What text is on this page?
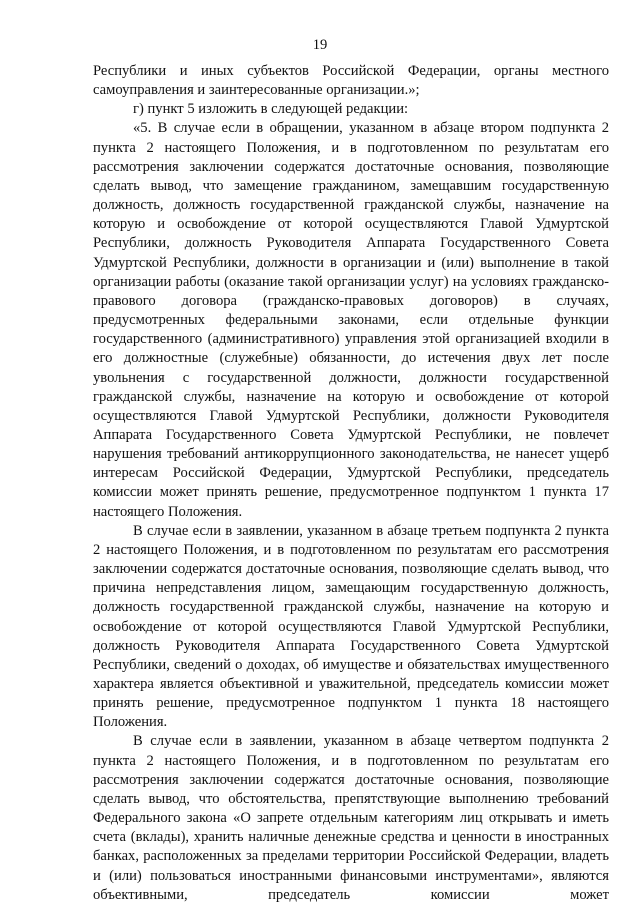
19

Республики и иных субъектов Российской Федерации, органы местного самоуправления и заинтересованные организации.»;

г) пункт 5 изложить в следующей редакции:

«5. В случае если в обращении, указанном в абзаце втором подпункта 2 пункта 2 настоящего Положения, и в подготовленном по результатам его рассмотрения заключении содержатся достаточные основания, позволяющие сделать вывод, что замещение гражданином, замещавшим государственную должность, должность государственной гражданской службы, назначение на которую и освобождение от которой осуществляются Главой Удмуртской Республики, должность Руководителя Аппарата Государственного Совета Удмуртской Республики, должности в организации и (или) выполнение в такой организации работы (оказание такой организации услуг) на условиях гражданско-правового договора (гражданско-правовых договоров) в случаях, предусмотренных федеральными законами, если отдельные функции государственного (административного) управления этой организацией входили в его должностные (служебные) обязанности, до истечения двух лет после увольнения с государственной должности, должности государственной гражданской службы, назначение на которую и освобождение от которой осуществляются Главой Удмуртской Республики, должности Руководителя Аппарата Государственного Совета Удмуртской Республики, не повлечет нарушения требований антикоррупционного законодательства, не нанесет ущерб интересам Российской Федерации, Удмуртской Республики, председатель комиссии может принять решение, предусмотренное подпунктом 1 пункта 17 настоящего Положения.

В случае если в заявлении, указанном в абзаце третьем подпункта 2 пункта 2 настоящего Положения, и в подготовленном по результатам его рассмотрения заключении содержатся достаточные основания, позволяющие сделать вывод, что причина непредставления лицом, замещающим государственную должность, должность государственной гражданской службы, назначение на которую и освобождение от которой осуществляются Главой Удмуртской Республики, должность Руководителя Аппарата Государственного Совета Удмуртской Республики, сведений о доходах, об имуществе и обязательствах имущественного характера является объективной и уважительной, председатель комиссии может принять решение, предусмотренное подпунктом 1 пункта 18 настоящего Положения.

В случае если в заявлении, указанном в абзаце четвертом подпункта 2 пункта 2 настоящего Положения, и в подготовленном по результатам его рассмотрения заключении содержатся достаточные основания, позволяющие сделать вывод, что обстоятельства, препятствующие выполнению требований Федерального закона «О запрете отдельным категориям лиц открывать и иметь счета (вклады), хранить наличные денежные средства и ценности в иностранных банках, расположенных за пределами территории Российской Федерации, владеть и (или) пользоваться иностранными финансовыми инструментами», являются объективными, председатель комиссии может
